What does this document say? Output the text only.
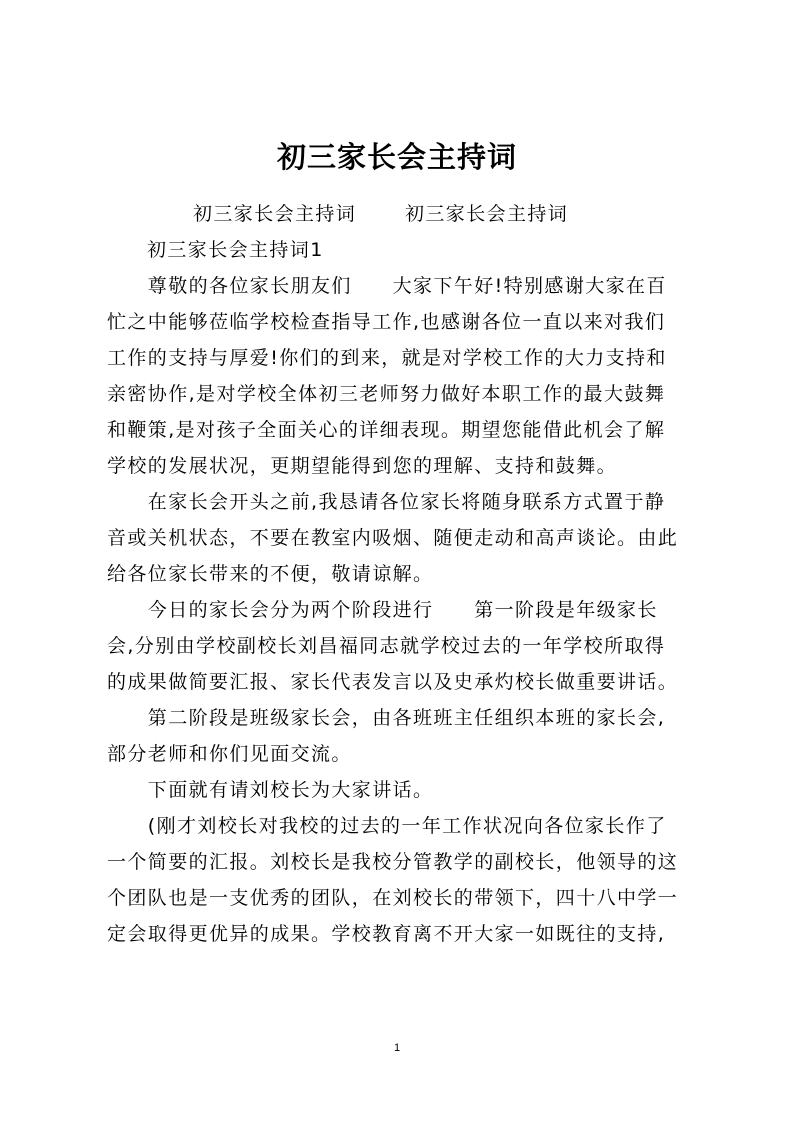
初三家长会主持词
初三家长会主持词	初三家长会主持词
初三家长会主持词1
　　尊敬的各位家长朋友们　　大家下午好!特别感谢大家在百
忙之中能够莅临学校检查指导工作,也感谢各位一直以来对我们
工作的支持与厚爱!你们的到来，就是对学校工作的大力支持和
亲密协作,是对学校全体初三老师努力做好本职工作的最大鼓舞
和鞭策,是对孩子全面关心的详细表现。期望您能借此机会了解
学校的发展状况，更期望能得到您的理解、支持和鼓舞。
　　在家长会开头之前,我恳请各位家长将随身联系方式置于静
音或关机状态，不要在教室内吸烟、随便走动和高声谈论。由此
给各位家长带来的不便，敬请谅解。
　　今日的家长会分为两个阶段进行　　第一阶段是年级家长
会,分别由学校副校长刘昌福同志就学校过去的一年学校所取得
的成果做简要汇报、家长代表发言以及史承灼校长做重要讲话。
　　第二阶段是班级家长会，由各班班主任组织本班的家长会,
部分老师和你们见面交流。
　　下面就有请刘校长为大家讲话。
　　(刚才刘校长对我校的过去的一年工作状况向各位家长作了
一个简要的汇报。刘校长是我校分管教学的副校长，他领导的这
个团队也是一支优秀的团队，在刘校长的带领下，四十八中学一
定会取得更优异的成果。学校教育离不开大家一如既往的支持,
1
